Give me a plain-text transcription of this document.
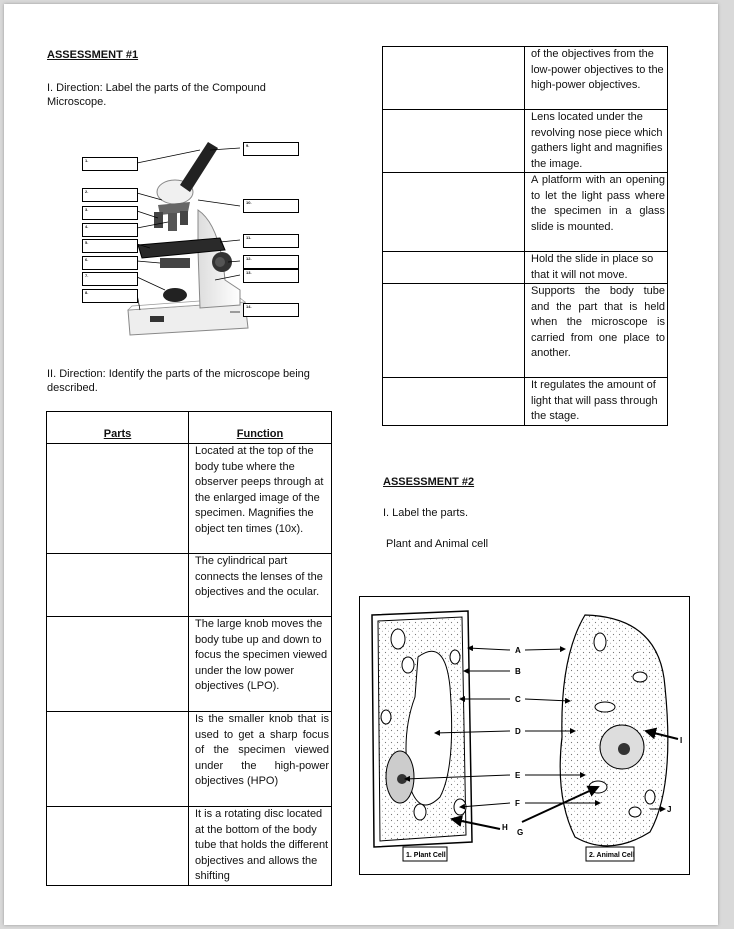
ASSESSMENT #1
I. Direction: Label the parts of the Compound Microscope.
1.
2.
3.
4.
5.
6.
7.
8.
9.
10.
11.
12.
13.
14.
II. Direction: Identify the parts of the microscope being described.
Parts	Function
	Located at the top of the body tube where the observer peeps through at the enlarged image of the specimen. Magnifies the object ten times (10x).
	The cylindrical part connects the lenses of the objectives and the ocular.
	The large knob moves the body tube up and down to focus the specimen viewed under the low power objectives (LPO).
	Is the smaller knob that is used to get a sharp focus of the specimen viewed under the high-power objectives (HPO)
	It is a rotating disc located at the bottom of the body tube that holds the different objectives and allows the shifting
	of the objectives from the low-power objectives to the high-power objectives.
	Lens located under the revolving nose piece which gathers light and magnifies the image.
	A platform with an opening to let the light pass where the specimen in a glass slide is mounted.
	Hold the slide in place so that it will not move.
	Supports the body tube and the part that is held when the microscope is carried from one place to another.
	It regulates the amount of light that will pass through the stage.
ASSESSMENT #2
I. Label the parts.
Plant and Animal cell
A
B
C
D
E
F
G
H
I
J
1. Plant Cell	2. Animal Cell
